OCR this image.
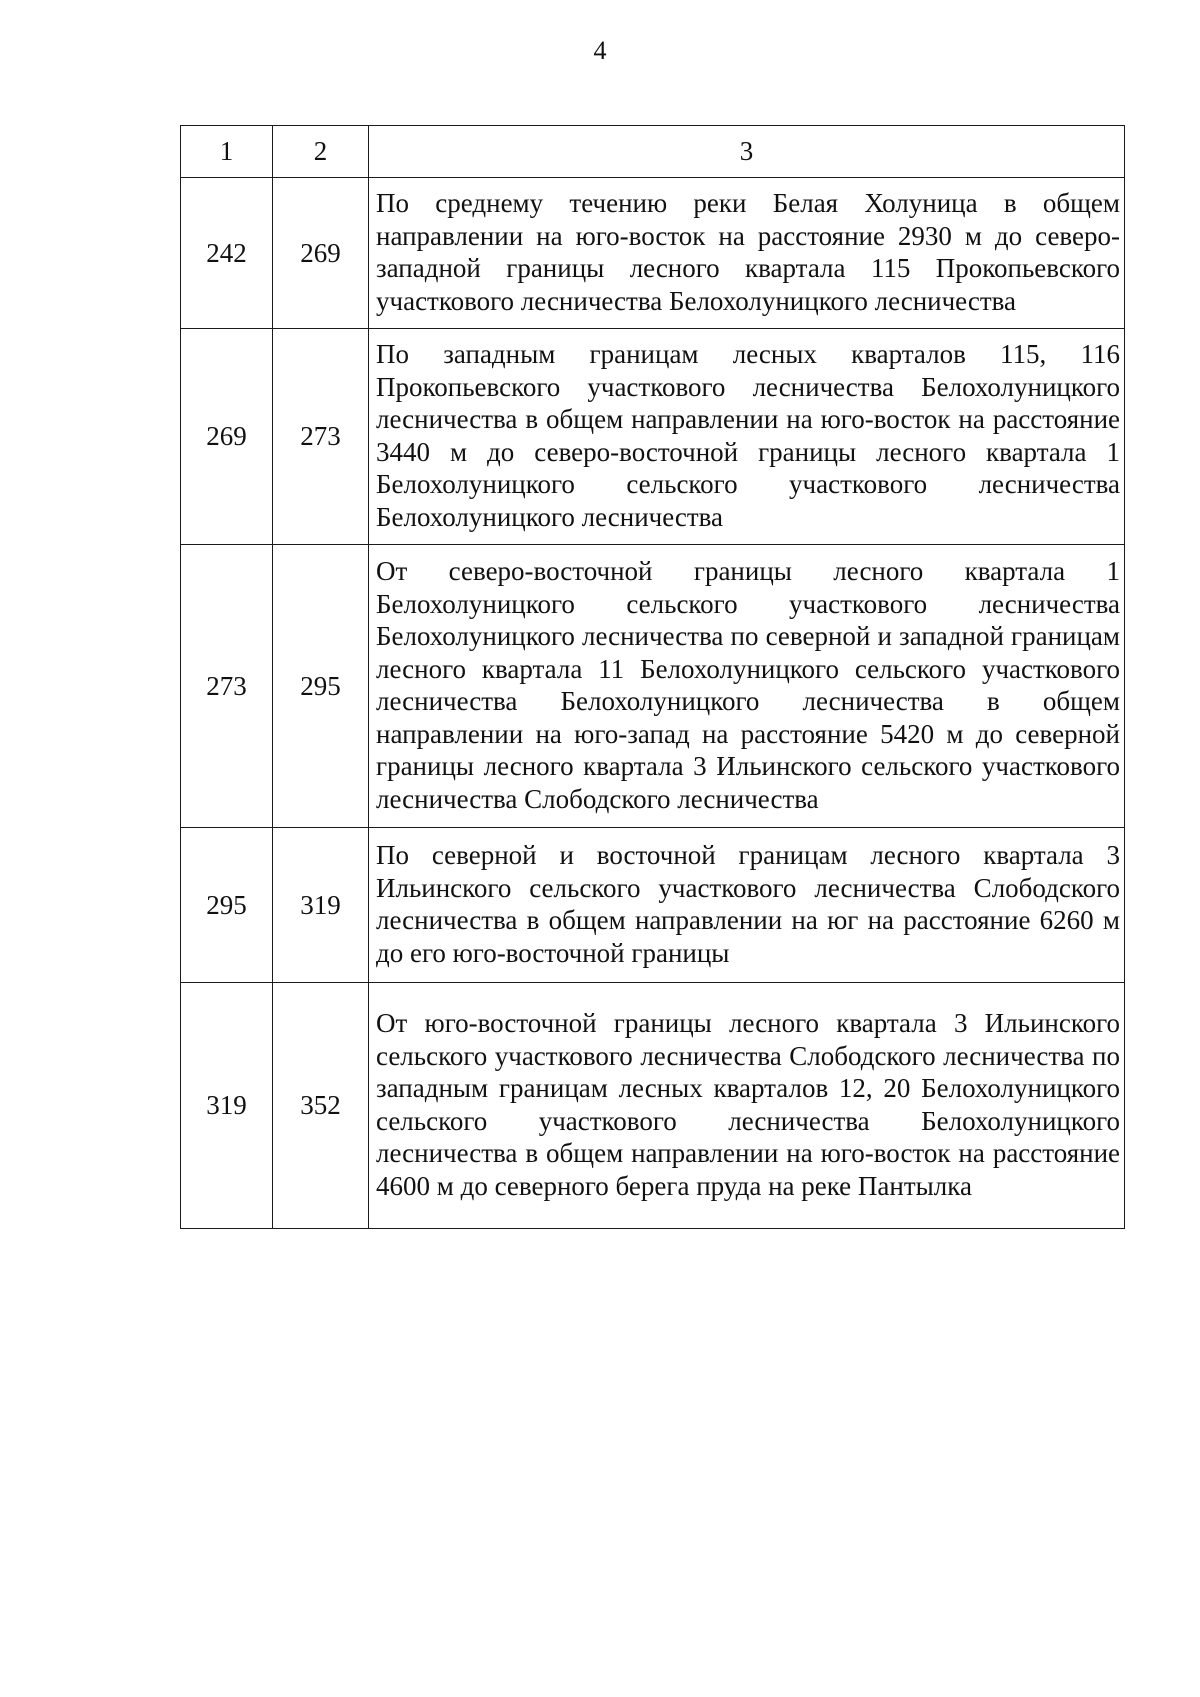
4
1	2	3
242	269	По среднему течению реки Белая Холуница в общем направлении на юго-восток на расстояние 2930 м до северо-западной границы лесного квартала 115 Прокопьевского участкового лесничества Белохолуницкого лесничества
269	273	По западным границам лесных кварталов 115, 116 Прокопьевского участкового лесничества Белохолуницкого лесничества в общем направлении на юго-восток на расстояние 3440 м до северо-восточной границы лесного квартала 1 Белохолуницкого сельского участкового лесничества Белохолуницкого лесничества
273	295	От северо-восточной границы лесного квартала 1 Белохолуницкого сельского участкового лесничества Белохолуницкого лесничества по северной и западной границам лесного квартала 11 Белохолуницкого сельского участкового лесничества Белохолуницкого лесничества в общем направлении на юго-запад на расстояние 5420 м до северной границы лесного квартала 3 Ильинского сельского участкового лесничества Слободского лесничества
295	319	По северной и восточной границам лесного квартала 3 Ильинского сельского участкового лесничества Слободского лесничества в общем направлении на юг на расстояние 6260 м до его юго-восточной границы
319	352	От юго-восточной границы лесного квартала 3 Ильинского сельского участкового лесничества Слободского лесничества по западным границам лесных кварталов 12, 20 Белохолуницкого сельского участкового лесничества Белохолуницкого лесничества в общем направлении на юго-восток на расстояние 4600 м до северного берега пруда на реке Пантылка
